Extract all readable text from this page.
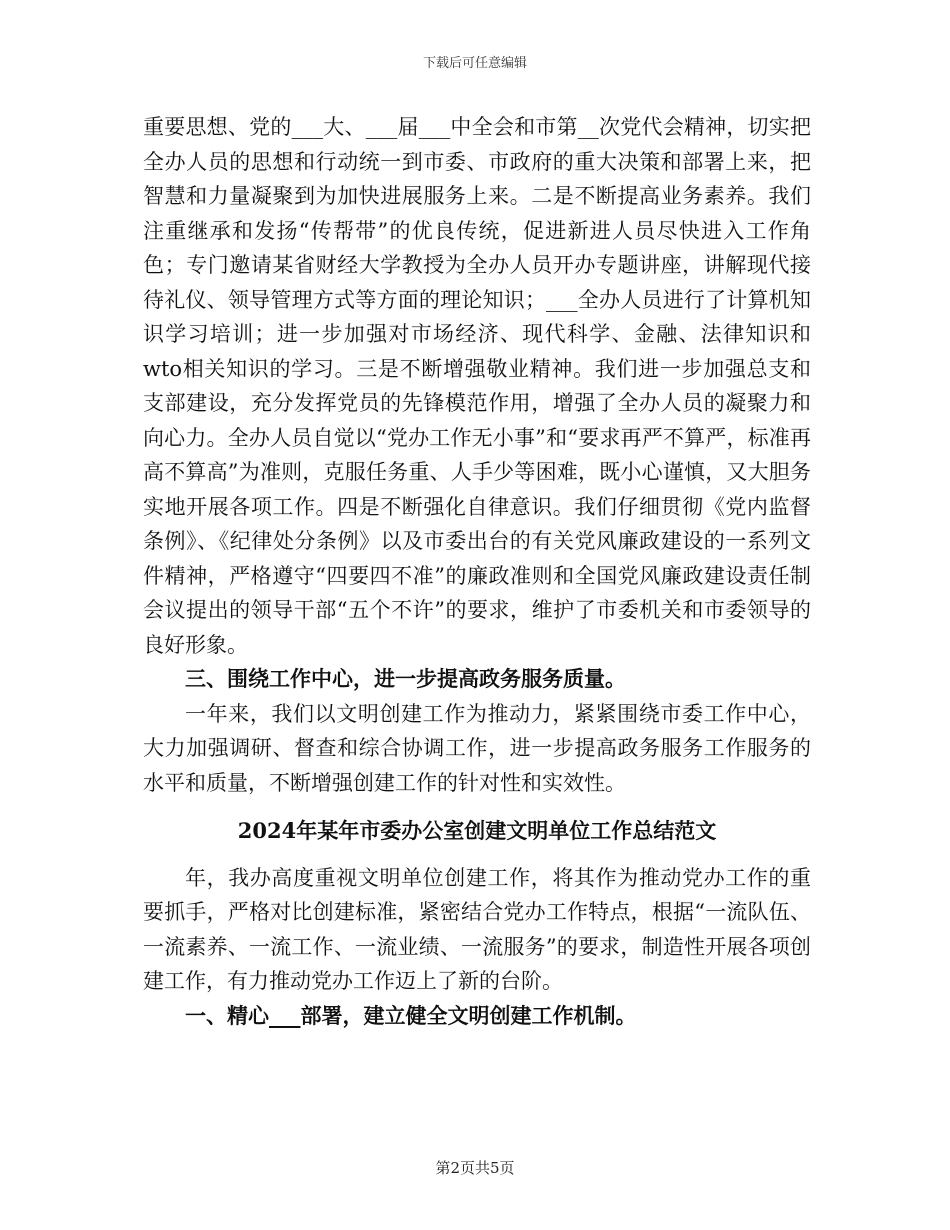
下载后可任意编辑

重要思想、党的___大、___届___中全会和市第__次党代会精神，切实把全办人员的思想和行动统一到市委、市政府的重大决策和部署上来，把智慧和力量凝聚到为加快进展服务上来。二是不断提高业务素养。我们注重继承和发扬“传帮带”的优良传统，促进新进人员尽快进入工作角色；专门邀请某省财经大学教授为全办人员开办专题讲座，讲解现代接待礼仪、领导管理方式等方面的理论知识；___全办人员进行了计算机知识学习培训；进一步加强对市场经济、现代科学、金融、法律知识和wto相关知识的学习。三是不断增强敬业精神。我们进一步加强总支和支部建设，充分发挥党员的先锋模范作用，增强了全办人员的凝聚力和向心力。全办人员自觉以“党办工作无小事”和“要求再严不算严，标准再高不算高”为准则，克服任务重、人手少等困难，既小心谨慎，又大胆务实地开展各项工作。四是不断强化自律意识。我们仔细贯彻《党内监督条例》、《纪律处分条例》以及市委出台的有关党风廉政建设的一系列文件精神，严格遵守“四要四不准”的廉政准则和全国党风廉政建设责任制会议提出的领导干部“五个不许”的要求，维护了市委机关和市委领导的良好形象。

三、围绕工作中心，进一步提高政务服务质量。

一年来，我们以文明创建工作为推动力，紧紧围绕市委工作中心，大力加强调研、督查和综合协调工作，进一步提高政务服务工作服务的水平和质量，不断增强创建工作的针对性和实效性。

2024年某年市委办公室创建文明单位工作总结范文

年，我办高度重视文明单位创建工作，将其作为推动党办工作的重要抓手，严格对比创建标准，紧密结合党办工作特点，根据“一流队伍、一流素养、一流工作、一流业绩、一流服务”的要求，制造性开展各项创建工作，有力推动党办工作迈上了新的台阶。

一、精心___部署，建立健全文明创建工作机制。

第2页共5页
